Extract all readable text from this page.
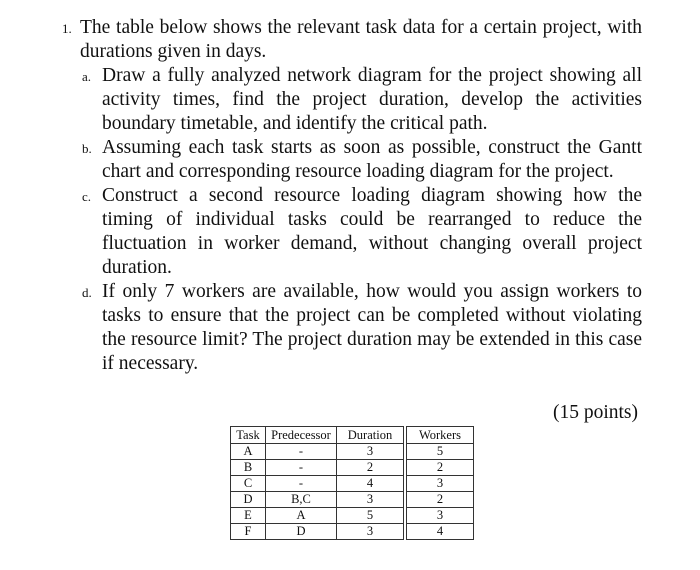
1. The table below shows the relevant task data for a certain project, with durations given in days.
a. Draw a fully analyzed network diagram for the project showing all activity times, find the project duration, develop the activities boundary timetable, and identify the critical path.
b. Assuming each task starts as soon as possible, construct the Gantt chart and corresponding resource loading diagram for the project.
c. Construct a second resource loading diagram showing how the timing of individual tasks could be rearranged to reduce the fluctuation in worker demand, without changing overall project duration.
d. If only 7 workers are available, how would you assign workers to tasks to ensure that the project can be completed without violating the resource limit? The project duration may be extended in this case if necessary.
(15 points)
Task	Predecessor	Duration		Workers
A	-	3		5
B	-	2		2
C	-	4		3
D	B,C	3		2
E	A	5		3
F	D	3		4
